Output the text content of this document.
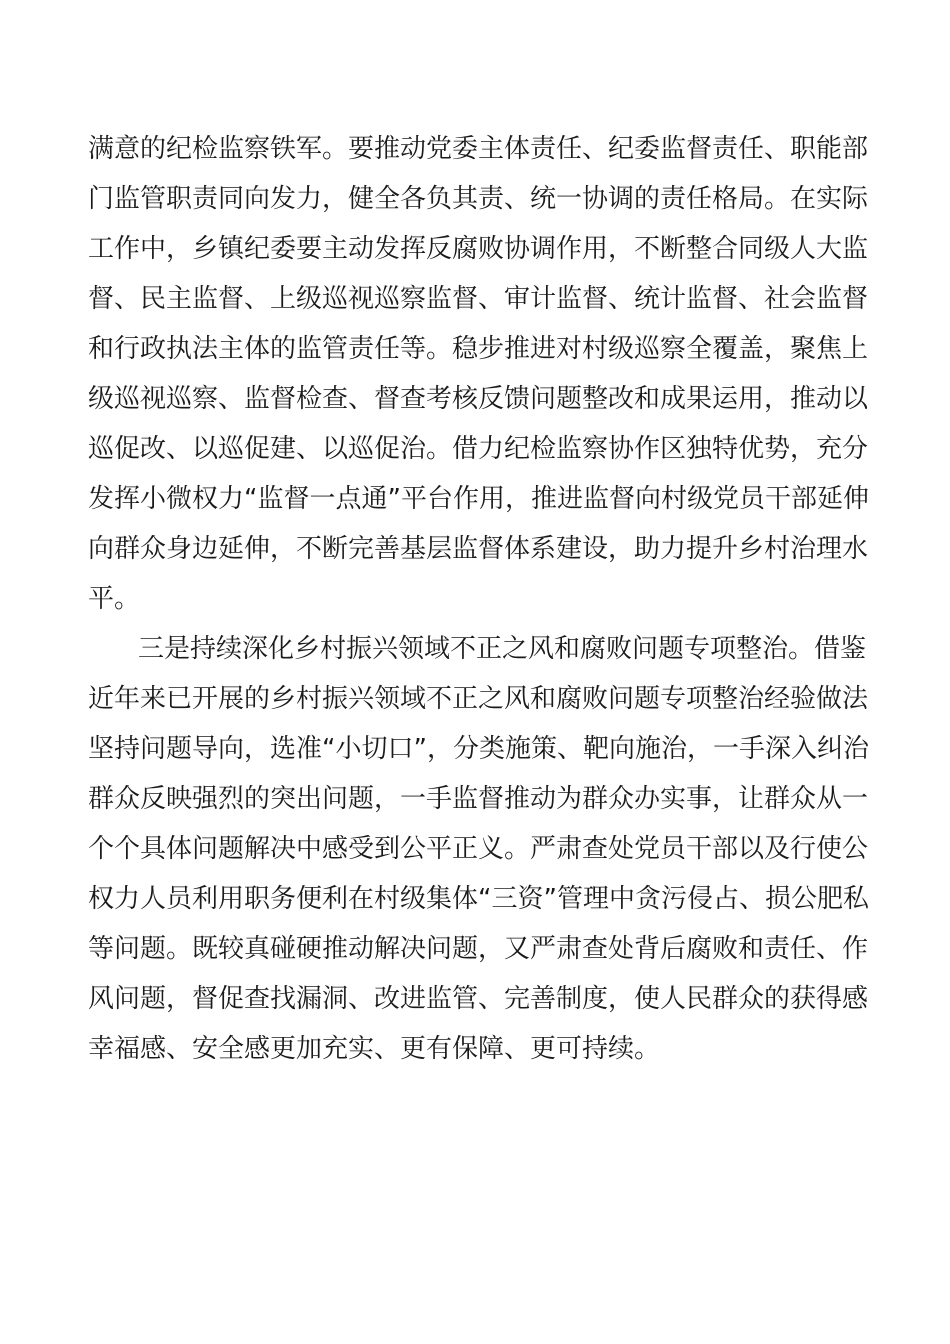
满意的纪检监察铁军。要推动党委主体责任、纪委监督责任、职能部
门监管职责同向发力，健全各负其责、统一协调的责任格局。在实际
工作中，乡镇纪委要主动发挥反腐败协调作用，不断整合同级人大监
督、民主监督、上级巡视巡察监督、审计监督、统计监督、社会监督
和行政执法主体的监管责任等。稳步推进对村级巡察全覆盖，聚焦上
级巡视巡察、监督检查、督查考核反馈问题整改和成果运用，推动以
巡促改、以巡促建、以巡促治。借力纪检监察协作区独特优势，充分
发挥小微权力“监督一点通”平台作用，推进监督向村级党员干部延伸
向群众身边延伸，不断完善基层监督体系建设，助力提升乡村治理水
平。
三是持续深化乡村振兴领域不正之风和腐败问题专项整治。借鉴
近年来已开展的乡村振兴领域不正之风和腐败问题专项整治经验做法
坚持问题导向，选准“小切口”，分类施策、靶向施治，一手深入纠治
群众反映强烈的突出问题，一手监督推动为群众办实事，让群众从一
个个具体问题解决中感受到公平正义。严肃查处党员干部以及行使公
权力人员利用职务便利在村级集体“三资”管理中贪污侵占、损公肥私
等问题。既较真碰硬推动解决问题，又严肃查处背后腐败和责任、作
风问题，督促查找漏洞、改进监管、完善制度，使人民群众的获得感
幸福感、安全感更加充实、更有保障、更可持续。
